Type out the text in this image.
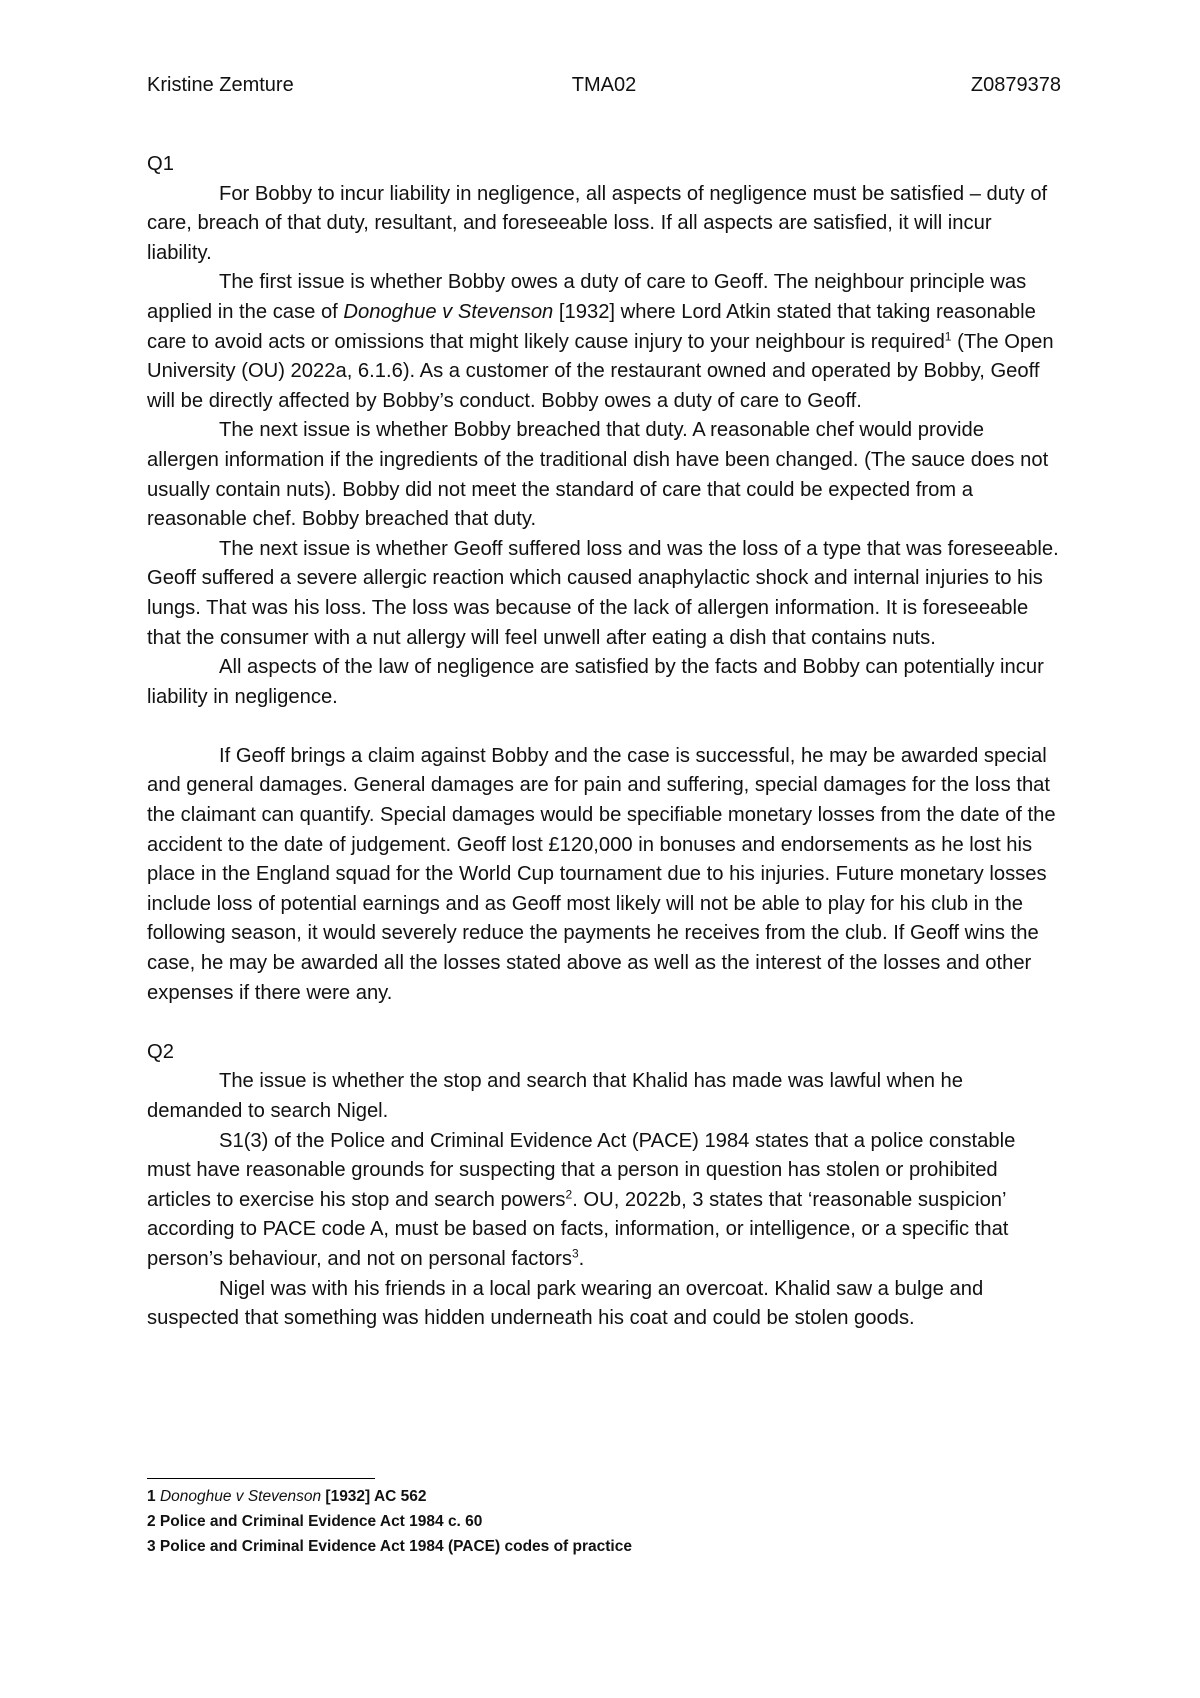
Kristine Zemture	TMA02	Z0879378

Q1

For Bobby to incur liability in negligence, all aspects of negligence must be satisfied – duty of care, breach of that duty, resultant, and foreseeable loss. If all aspects are satisfied, it will incur liability.

The first issue is whether Bobby owes a duty of care to Geoff. The neighbour principle was applied in the case of Donoghue v Stevenson [1932] where Lord Atkin stated that taking reasonable care to avoid acts or omissions that might likely cause injury to your neighbour is required$^1$ (The Open University (OU) 2022a, 6.1.6). As a customer of the restaurant owned and operated by Bobby, Geoff will be directly affected by Bobby’s conduct. Bobby owes a duty of care to Geoff.

The next issue is whether Bobby breached that duty. A reasonable chef would provide allergen information if the ingredients of the traditional dish have been changed. (The sauce does not usually contain nuts). Bobby did not meet the standard of care that could be expected from a reasonable chef. Bobby breached that duty.

The next issue is whether Geoff suffered loss and was the loss of a type that was foreseeable. Geoff suffered a severe allergic reaction which caused anaphylactic shock and internal injuries to his lungs. That was his loss. The loss was because of the lack of allergen information. It is foreseeable that the consumer with a nut allergy will feel unwell after eating a dish that contains nuts.

All aspects of the law of negligence are satisfied by the facts and Bobby can potentially incur liability in negligence.

If Geoff brings a claim against Bobby and the case is successful, he may be awarded special and general damages. General damages are for pain and suffering, special damages for the loss that the claimant can quantify. Special damages would be specifiable monetary losses from the date of the accident to the date of judgement. Geoff lost £120,000 in bonuses and endorsements as he lost his place in the England squad for the World Cup tournament due to his injuries. Future monetary losses include loss of potential earnings and as Geoff most likely will not be able to play for his club in the following season, it would severely reduce the payments he receives from the club. If Geoff wins the case, he may be awarded all the losses stated above as well as the interest of the losses and other expenses if there were any.

Q2

The issue is whether the stop and search that Khalid has made was lawful when he demanded to search Nigel.

S1(3) of the Police and Criminal Evidence Act (PACE) 1984 states that a police constable must have reasonable grounds for suspecting that a person in question has stolen or prohibited articles to exercise his stop and search powers$^2$. OU, 2022b, 3 states that ‘reasonable suspicion’ according to PACE code A, must be based on facts, information, or intelligence, or a specific that person’s behaviour, and not on personal factors$^3$.

Nigel was with his friends in a local park wearing an overcoat. Khalid saw a bulge and suspected that something was hidden underneath his coat and could be stolen goods.

1 Donoghue v Stevenson [1932] AC 562
2 Police and Criminal Evidence Act 1984 c. 60
3 Police and Criminal Evidence Act 1984 (PACE) codes of practice
